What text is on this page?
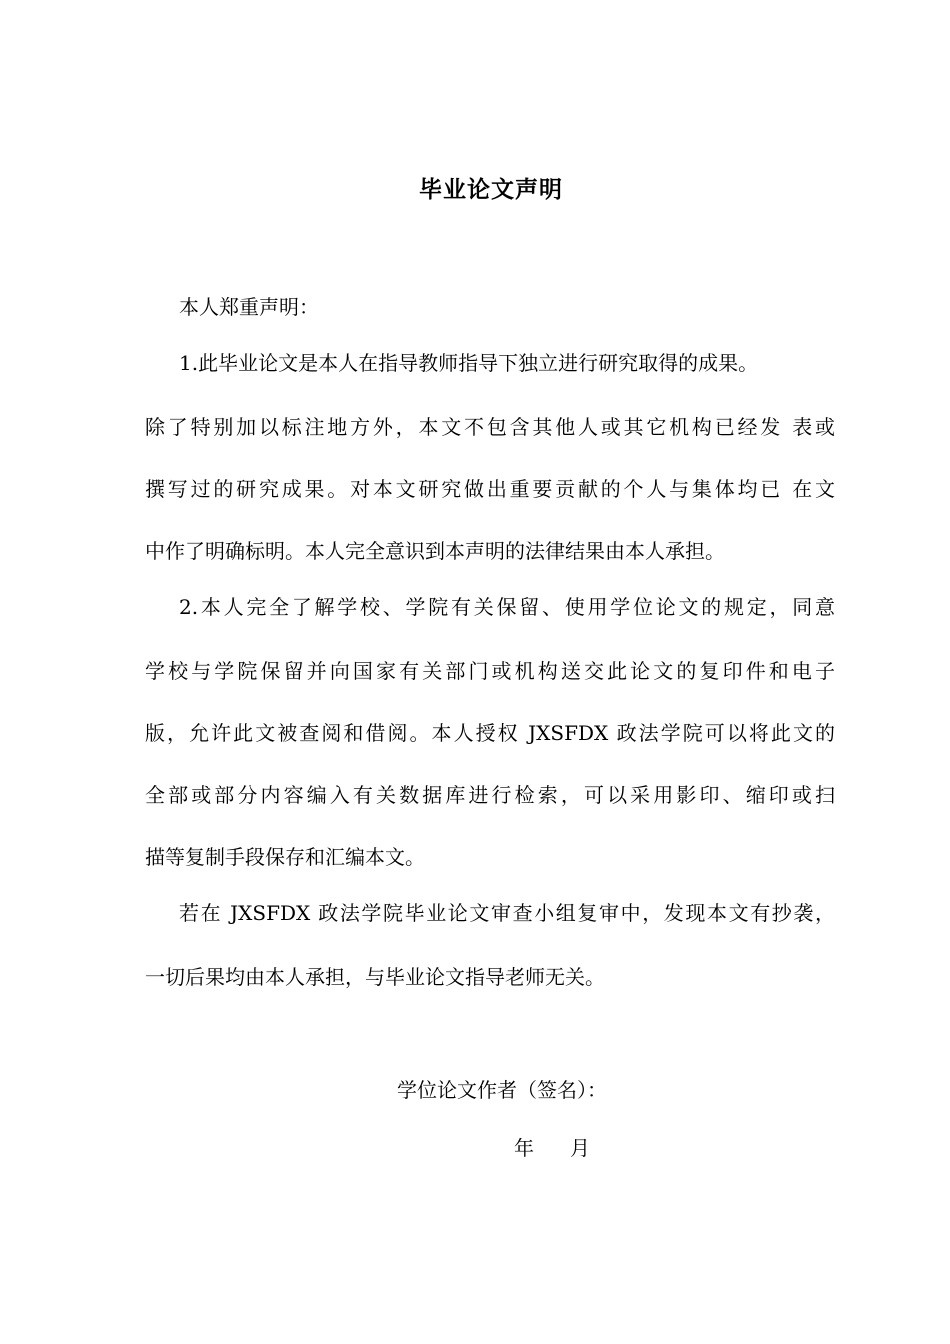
毕业论文声明
本人郑重声明：
1.此毕业论文是本人在指导教师指导下独立进行研究取得的成果。
除了特别加以标注地方外，本文不包含其他人或其它机构已经发 表或
撰写过的研究成果。对本文研究做出重要贡献的个人与集体均已 在文
中作了明确标明。本人完全意识到本声明的法律结果由本人承担。
2.本人完全了解学校、学院有关保留、使用学位论文的规定，同意
学校与学院保留并向国家有关部门或机构送交此论文的复印件和电子
版，允许此文被查阅和借阅。本人授权 JXSFDX 政法学院可以将此文的
全部或部分内容编入有关数据库进行检索，可以采用影印、缩印或扫
描等复制手段保存和汇编本文。
若在 JXSFDX 政法学院毕业论文审查小组复审中，发现本文有抄袭，
一切后果均由本人承担，与毕业论文指导老师无关。
学位论文作者（签名）：
年 月
